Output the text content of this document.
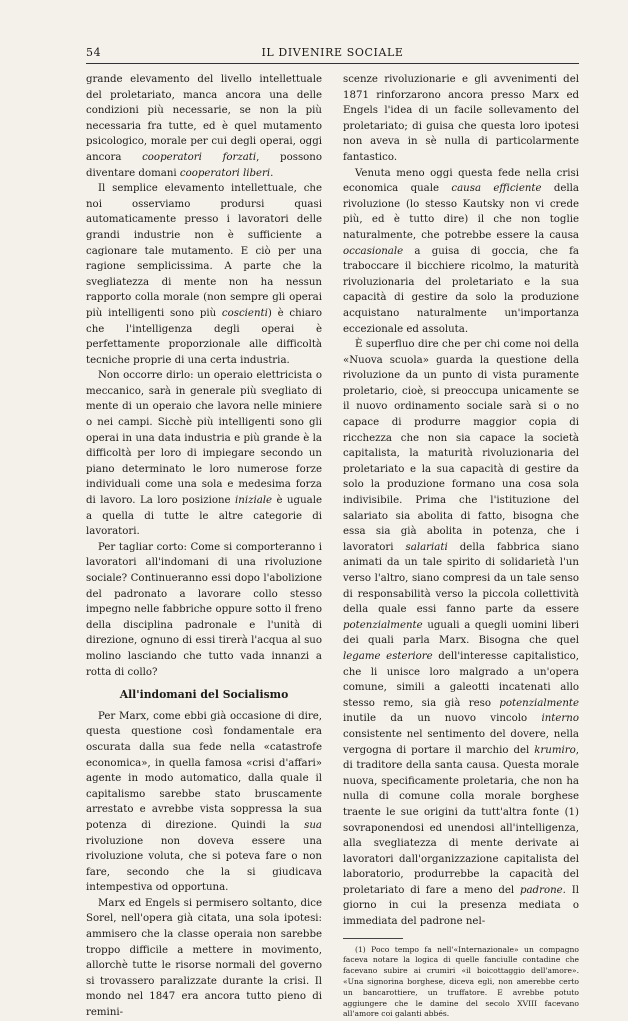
54	IL DIVENIRE SOCIALE

grande elevamento del livello intellettuale del proletariato, manca ancora una delle condizioni più necessarie, se non la più necessaria fra tutte, ed è quel mutamento psicologico, morale per cui degli operai, oggi ancora cooperatori forzati, possono diventare domani cooperatori liberi.

Il semplice elevamento intellettuale, che noi osserviamo prodursi quasi automaticamente presso i lavoratori delle grandi industrie non è sufficiente a cagionare tale mutamento. E ciò per una ragione semplicissima. A parte che la svegliatezza di mente non ha nessun rapporto colla morale (non sempre gli operai più intelligenti sono più coscienti) è chiaro che l'intelligenza degli operai è perfettamente proporzionale alle difficoltà tecniche proprie di una certa industria.

Non occorre dirlo: un operaio elettricista o meccanico, sarà in generale più svegliato di mente di un operaio che lavora nelle miniere o nei campi. Sicchè più intelligenti sono gli operai in una data industria e più grande è la difficoltà per loro di impiegare secondo un piano determinato le loro numerose forze individuali come una sola e medesima forza di lavoro. La loro posizione iniziale è uguale a quella di tutte le altre categorie di lavoratori.

Per tagliar corto: Come si comporteranno i lavoratori all'indomani di una rivoluzione sociale? Continueranno essi dopo l'abolizione del padronato a lavorare collo stesso impegno nelle fabbriche oppure sotto il freno della disciplina padronale e l'unità di direzione, ognuno di essi tirerà l'acqua al suo molino lasciando che tutto vada innanzi a rotta di collo?

All'indomani del Socialismo

Per Marx, come ebbi già occasione di dire, questa questione così fondamentale era oscurata dalla sua fede nella «catastrofe economica», in quella famosa «crisi d'affari» agente in modo automatico, dalla quale il capitalismo sarebbe stato bruscamente arrestato e avrebbe vista soppressa la sua potenza di direzione. Quindi la sua rivoluzione non doveva essere una rivoluzione voluta, che si poteva fare o non fare, secondo che la si giudicava intempestiva od opportuna.

Marx ed Engels si permisero soltanto, dice Sorel, nell'opera già citata, una sola ipotesi: ammisero che la classe operaia non sarebbe troppo difficile a mettere in movimento, allorchè tutte le risorse normali del governo si trovassero paralizzate durante la crisi. Il mondo nel 1847 era ancora tutto pieno di remini-

scenze rivoluzionarie e gli avvenimenti del 1871 rinforzarono ancora presso Marx ed Engels l'idea di un facile sollevamento del proletariato; di guisa che questa loro ipotesi non aveva in sè nulla di particolarmente fantastico.

Venuta meno oggi questa fede nella crisi economica quale causa efficiente della rivoluzione (lo stesso Kautsky non vi crede più, ed è tutto dire) il che non toglie naturalmente, che potrebbe essere la causa occasionale a guisa di goccia, che fa traboccare il bicchiere ricolmo, la maturità rivoluzionaria del proletariato e la sua capacità di gestire da solo la produzione acquistano naturalmente un'importanza eccezionale ed assoluta.

È superfluo dire che per chi come noi della «Nuova scuola» guarda la questione della rivoluzione da un punto di vista puramente proletario, cioè, si preoccupa unicamente se il nuovo ordinamento sociale sarà si o no capace di produrre maggior copia di ricchezza che non sia capace la società capitalista, la maturità rivoluzionaria del proletariato e la sua capacità di gestire da solo la produzione formano una cosa sola indivisibile. Prima che l'istituzione del salariato sia abolita di fatto, bisogna che essa sia già abolita in potenza, che i lavoratori salariati della fabbrica siano animati da un tale spirito di solidarietà l'un verso l'altro, siano compresi da un tale senso di responsabilità verso la piccola collettività della quale essi fanno parte da essere potenzialmente uguali a quegli uomini liberi dei quali parla Marx. Bisogna che quel legame esteriore dell'interesse capitalistico, che li unisce loro malgrado a un'opera comune, simili a galeotti incatenati allo stesso remo, sia già reso potenzialmente inutile da un nuovo vincolo interno consistente nel sentimento del dovere, nella vergogna di portare il marchio del krumiro, di traditore della santa causa. Questa morale nuova, specificamente proletaria, che non ha nulla di comune colla morale borghese traente le sue origini da tutt'altra fonte (1) sovraponendosi ed unendosi all'intelligenza, alla svegliatezza di mente derivate ai lavoratori dall'organizzazione capitalista del laboratorio, produrrebbe la capacità del proletariato di fare a meno del padrone. Il giorno in cui la presenza mediata o immediata del padrone nel-

(1) Poco tempo fa nell'«Internazionale» un compagno faceva notare la logica di quelle fanciulle contadine che facevano subire ai crumiri «il boicottaggio dell'amore». «Una signorina borghese, diceva egli, non amerebbe certo un bancarottiere, un truffatore. E avrebbe potuto aggiungere che le damine del secolo XVIII facevano all'amore coi galanti abbés.
